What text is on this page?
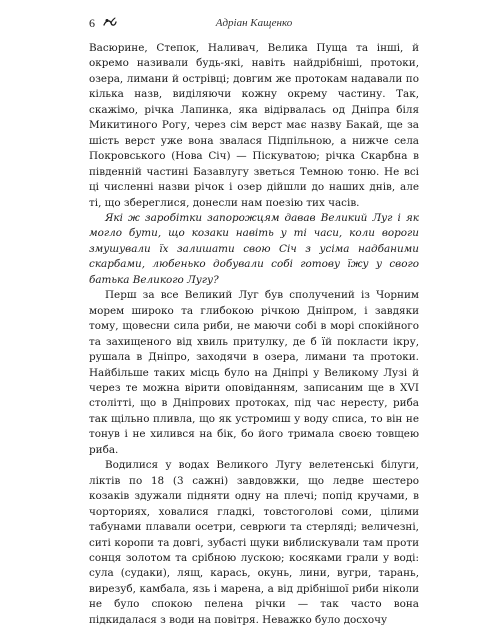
6	Адріан Кащенко

Васюрине, Степок, Наливач, Велика Пуща та інші, й окремо називали будь-які, навіть найдрібніші, протоки, озера, лимани й острівці; довгим же протокам надавали по кілька назв, виділяючи кожну окрему частину. Так, скажімо, річка Лапинка, яка відірвалась од Дніпра біля Микитиного Рогу, через сім верст має назву Бакай, ще за шість верст уже вона звалася Підпільною, а нижче села Покровського (Нова Січ) — Піскуватою; річка Скарбна в південній частині Базавлугу зветься Темною тоню. Не всі ці численні назви річок і озер дійшли до наших днів, але ті, що збереглися, донесли нам поезію тих часів.

Які ж заробітки запорожцям давав Великий Луг і як могло бути, що козаки навіть у ті часи, коли вороги змушували їх залишати свою Січ з усіма надбаними скарбами, любенько добували собі готову їжу у свого батька Великого Лугу?

Перш за все Великий Луг був сполучений із Чорним морем широко та глибокою річкою Дніпром, і завдяки тому, щовесни сила риби, не маючи собі в морі спокійного та захищеного від хвиль притулку, де б їй покласти ікру, рушала в Дніпро, заходячи в озера, лимани та протоки. Найбільше таких місць було на Дніпрі у Великому Лузі й через те можна вірити оповіданням, записаним ще в XVI столітті, що в Дніпрових протоках, під час нересту, риба так щільно пливла, що як устромиш у воду списа, то він не тонув і не хилився на бік, бо його тримала своєю товщею риба.

Водилися у водах Великого Лугу велетенські білуги, ліктів по 18 (3 сажні) завдовжки, що ледве шестеро козаків здужали підняти одну на плечі; попід кручами, в чорториях, ховалися гладкі, товстоголові соми, цілими табунами плавали осетри, севрюги та стерляді; величезні, ситі коропи та довгі, зубасті щуки виблискували там проти сонця золотом та срібною лускою; косяками грали у воді: сула (судаки), лящ, карась, окунь, лини, вугри, тарань, вирезуб, камбала, язь і марена, а від дрібнішої риби ніколи не було спокою пелена річки — так часто вона підкидалася з води на повітря. Неважко було досхочу
